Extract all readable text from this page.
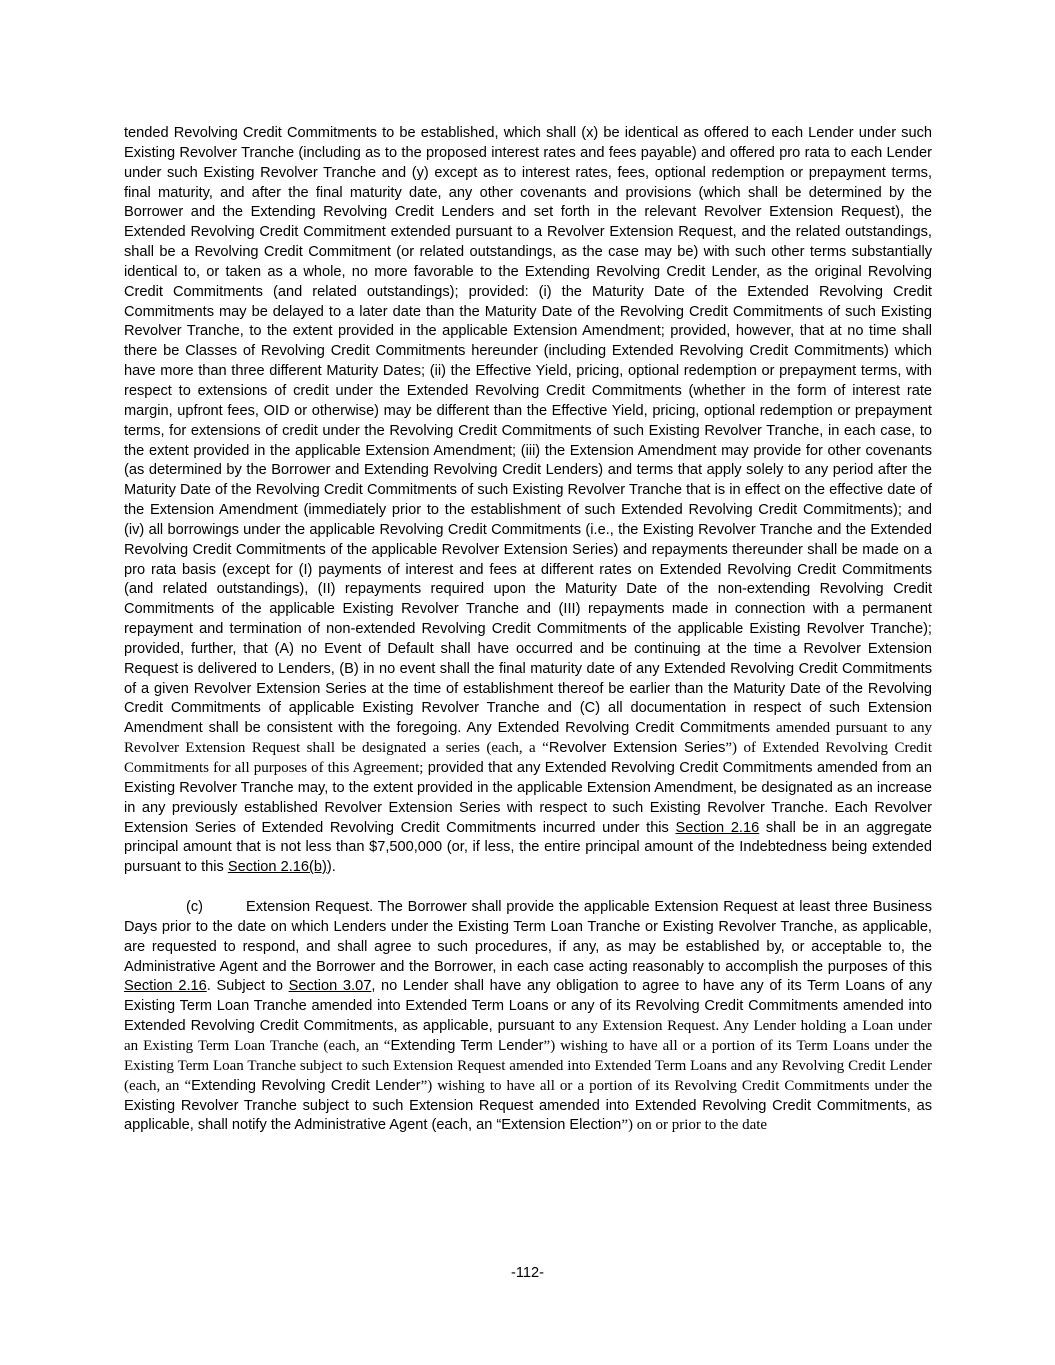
tended Revolving Credit Commitments to be established, which shall (x) be identical as offered to each Lender under such Existing Revolver Tranche (including as to the proposed interest rates and fees payable) and offered pro rata to each Lender under such Existing Revolver Tranche and (y) except as to interest rates, fees, optional redemption or prepayment terms, final maturity, and after the final maturity date, any other covenants and provisions (which shall be determined by the Borrower and the Extending Revolving Credit Lenders and set forth in the relevant Revolver Extension Request), the Extended Revolving Credit Commitment extended pursuant to a Revolver Extension Request, and the related outstandings, shall be a Revolving Credit Commitment (or related outstandings, as the case may be) with such other terms substantially identical to, or taken as a whole, no more favorable to the Extending Revolving Credit Lender, as the original Revolving Credit Commitments (and related outstandings); provided: (i) the Maturity Date of the Extended Revolving Credit Commitments may be delayed to a later date than the Maturity Date of the Revolving Credit Commitments of such Existing Revolver Tranche, to the extent provided in the applicable Extension Amendment; provided, however, that at no time shall there be Classes of Revolving Credit Commitments hereunder (including Extended Revolving Credit Commitments) which have more than three different Maturity Dates; (ii) the Effective Yield, pricing, optional redemption or prepayment terms, with respect to extensions of credit under the Extended Revolving Credit Commitments (whether in the form of interest rate margin, upfront fees, OID or otherwise) may be different than the Effective Yield, pricing, optional redemption or prepayment terms, for extensions of credit under the Revolving Credit Commitments of such Existing Revolver Tranche, in each case, to the extent provided in the applicable Extension Amendment; (iii) the Extension Amendment may provide for other covenants (as determined by the Borrower and Extending Revolving Credit Lenders) and terms that apply solely to any period after the Maturity Date of the Revolving Credit Commitments of such Existing Revolver Tranche that is in effect on the effective date of the Extension Amendment (immediately prior to the establishment of such Extended Revolving Credit Commitments); and (iv) all borrowings under the applicable Revolving Credit Commitments (i.e., the Existing Revolver Tranche and the Extended Revolving Credit Commitments of the applicable Revolver Extension Series) and repayments thereunder shall be made on a pro rata basis (except for (I) payments of interest and fees at different rates on Extended Revolving Credit Commitments (and related outstandings), (II) repayments required upon the Maturity Date of the non-extending Revolving Credit Commitments of the applicable Existing Revolver Tranche and (III) repayments made in connection with a permanent repayment and termination of non-extended Revolving Credit Commitments of the applicable Existing Revolver Tranche); provided, further, that (A) no Event of Default shall have occurred and be continuing at the time a Revolver Extension Request is delivered to Lenders, (B) in no event shall the final maturity date of any Extended Revolving Credit Commitments of a given Revolver Extension Series at the time of establishment thereof be earlier than the Maturity Date of the Revolving Credit Commitments of applicable Existing Revolver Tranche and (C) all documentation in respect of such Extension Amendment shall be consistent with the foregoing. Any Extended Revolving Credit Commitments amended pursuant to any Revolver Extension Request shall be designated a series (each, a “Revolver Extension Series”) of Extended Revolving Credit Commitments for all purposes of this Agreement; provided that any Extended Revolving Credit Commitments amended from an Existing Revolver Tranche may, to the extent provided in the applicable Extension Amendment, be designated as an increase in any previously established Revolver Extension Series with respect to such Existing Revolver Tranche. Each Revolver Extension Series of Extended Revolving Credit Commitments incurred under this Section 2.16 shall be in an aggregate principal amount that is not less than $7,500,000 (or, if less, the entire principal amount of the Indebtedness being extended pursuant to this Section 2.16(b)).

(c)	Extension Request. The Borrower shall provide the applicable Extension Request at least three Business Days prior to the date on which Lenders under the Existing Term Loan Tranche or Existing Revolver Tranche, as applicable, are requested to respond, and shall agree to such procedures, if any, as may be established by, or acceptable to, the Administrative Agent and the Borrower and the Borrower, in each case acting reasonably to accomplish the purposes of this Section 2.16. Subject to Section 3.07, no Lender shall have any obligation to agree to have any of its Term Loans of any Existing Term Loan Tranche amended into Extended Term Loans or any of its Revolving Credit Commitments amended into Extended Revolving Credit Commitments, as applicable, pursuant to any Extension Request. Any Lender holding a Loan under an Existing Term Loan Tranche (each, an “Extending Term Lender”) wishing to have all or a portion of its Term Loans under the Existing Term Loan Tranche subject to such Extension Request amended into Extended Term Loans and any Revolving Credit Lender (each, an “Extending Revolving Credit Lender”) wishing to have all or a portion of its Revolving Credit Commitments under the Existing Revolver Tranche subject to such Extension Request amended into Extended Revolving Credit Commitments, as applicable, shall notify the Administrative Agent (each, an “Extension Election”) on or prior to the date

-112-
